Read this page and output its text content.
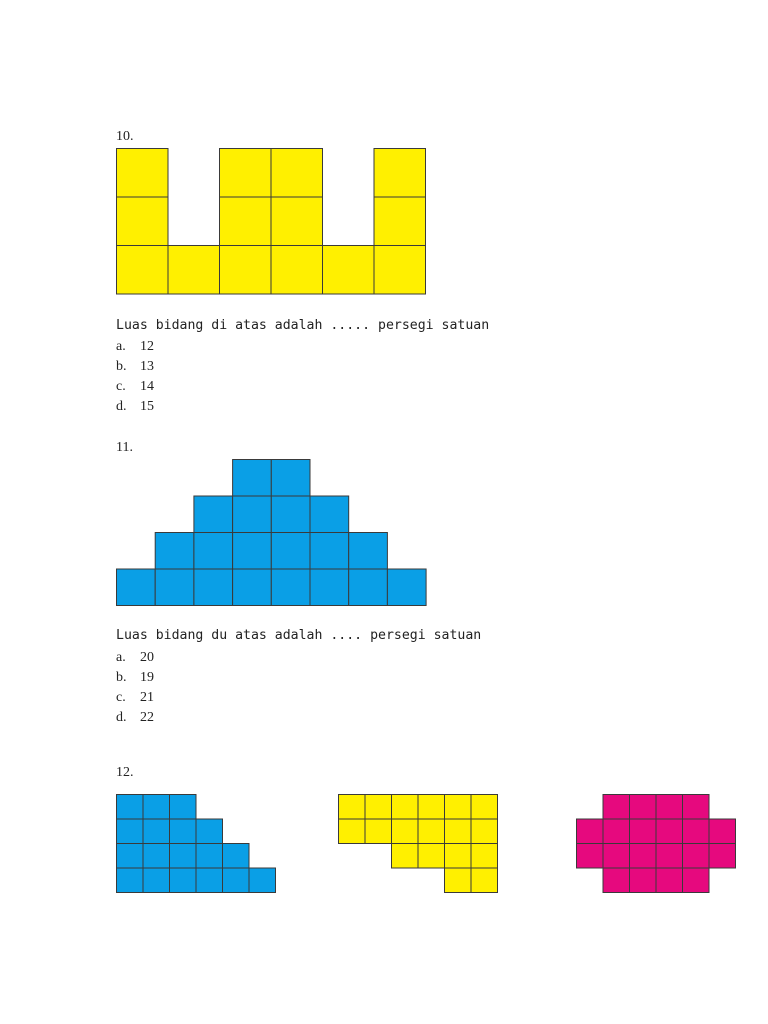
10.
Luas bidang di atas adalah ..... persegi satuan
a. 12
b. 13
c. 14
d. 15
11.
Luas bidang du atas adalah .... persegi satuan
a. 20
b. 19
c. 21
d. 22
12.
